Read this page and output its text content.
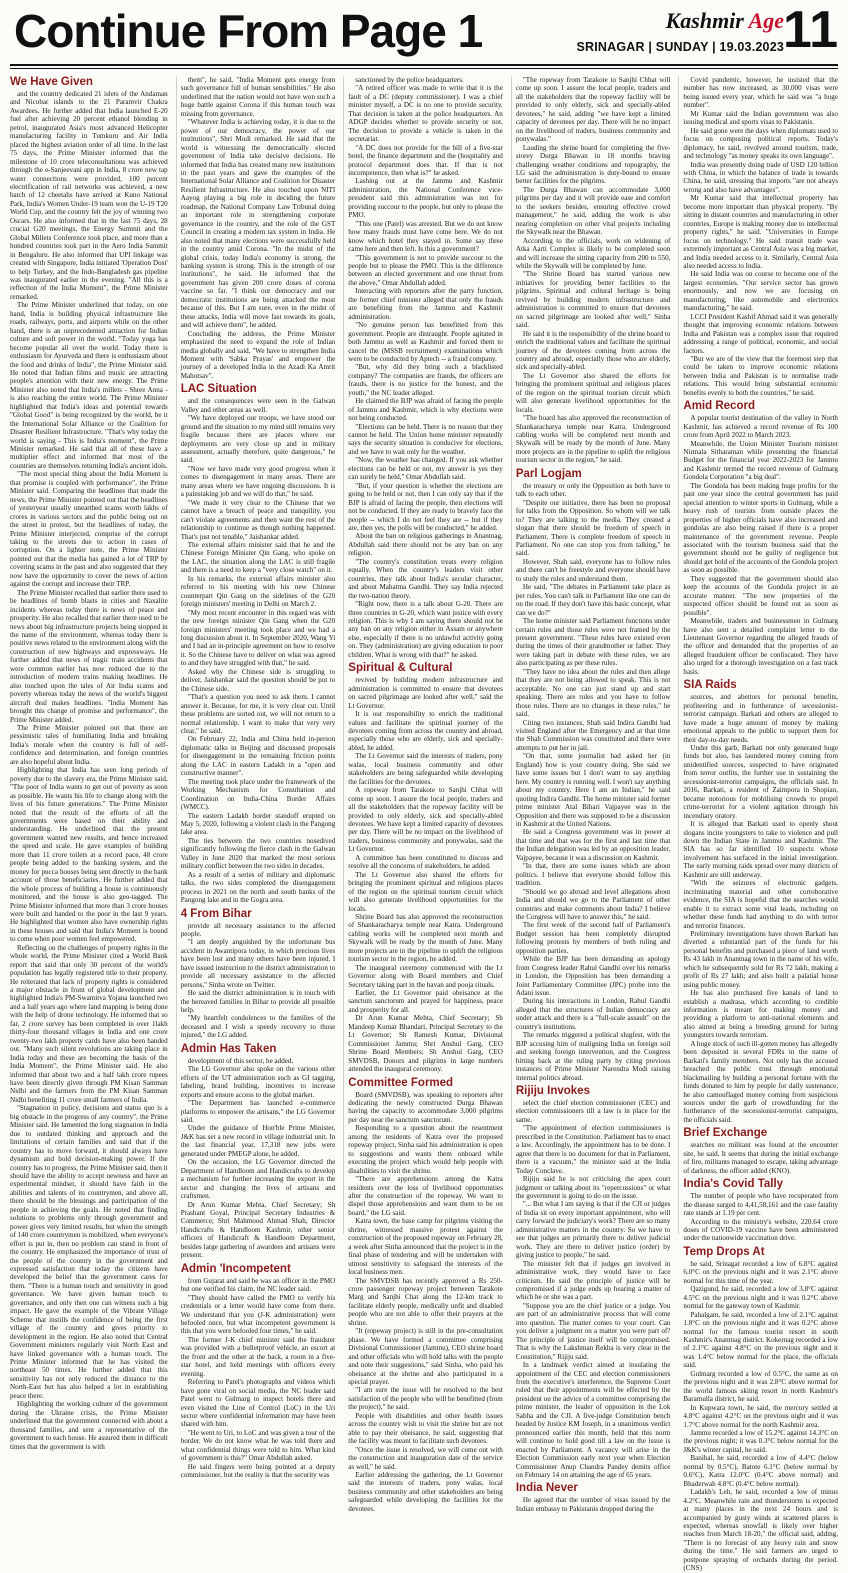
Continue From Page 1	Kashmir Age
SRINAGAR | SUNDAY | 19.03.2023 11
We Have Given

and the country dedicated 21 islets of the Andaman and Nicobar islands to the 21 Paramvir Chakra Awardees. He further added that India launched E-20 fuel after achieving 20 percent ethanol blending in petrol, inaugurated Asia's most advanced Helicopter manufacturing facility in Tumkuru and Air India placed the highest aviation order of all time. In the last 75 days, the Prime Minister informed that the milestone of 10 crore teleconsultations was achieved through the e-Sanjeevani app in India, 8 crore new tap water connections were provided, 100 percent electrification of rail networks was achieved, a new batch of 12 cheetahs have arrived at Kuno National Park, India's Women Under-19 team won the U-19 T20 World Cup, and the country felt the joy of winning two Oscars. He also informed that in the last 75 days, 28 crucial G20 meetings, the Energy Summit and the Global Millets Conference took place, and more than a hundred countries took part in the Aero India Summit in Bengaluru. He also informed that UPI linkage was created with Singapore, India initiated 'Operation Dost' to help Turkey, and the Indo-Bangladesh gas pipeline was inaugurated earlier in the evening. "All this is a reflection of the India Moment", the Prime Minister remarked.

The Prime Minister underlined that today, on one hand, India is building physical infrastructure like roads, railways, ports, and airports while on the other hand, there is an unprecedented attraction for Indian culture and soft power in the world. "Today yoga has become popular all over the world. Today there is enthusiasm for Ayurveda and there is enthusiasm about the food and drinks of India", the Prime Minister said. He noted that Indian films and music are attracting people's attention with their new energy. The Prime Minister also noted that India's millets - Shree Anna - is also reaching the entire world. The Prime Minister highlighted that India's ideas and potential towards "Global Good" is being recognized by the world, be it the International Solar Alliance or the Coalition for Disaster Resilient Infrastructure. "That's why today the world is saying - This is India's moment", the Prime Minister remarked. He said that all of these have a multiplier effect and informed that most of the countries are themselves returning India's ancient idols.

"The most special thing about the India Moment is that promise is coupled with performance", the Prime Minister said. Comparing the headlines that made the news, the Prime Minister pointed out that the headlines of yesteryear usually unearthed scams worth lakhs of crores in various sectors and the public being out on the street in protest, but the headlines of today, the Prime Minister interjected, comprise of the corrupt taking to the streets due to action in cases of corruption. On a lighter note, the Prime Minister pointed out that the media has gained a lot of TRP by covering scams in the past and also suggested that they now have the opportunity to cover the news of action against the corrupt and increase their TRP.

The Prime Minister recalled that earlier there used to be headlines of bomb blasts in cities and Naxalite incidents whereas today there is news of peace and prosperity. He also recalled that earlier there used to be news about big infrastructure projects being stopped in the name of the environment, whereas today there is positive news related to the environment along with the construction of new highways and expressways. He further added that news of tragic train accidents that were common earlier has now reduced due to the introduction of modern trains making headlines. He also touched upon the tales of Air India scams and poverty whereas today the news of the world's biggest aircraft deal makes headlines. "India Moment has brought this change of promise and performance", the Prime Minister added.

The Prime Minister pointed out that there are pessimistic tales of humiliating India and breaking India's morale when the country is full of self-confidence and determination, and foreign countries are also hopeful about India.

Highlighting that India has seen long periods of poverty due to the slavery era, the Prime Minister said, "The poor of India wants to get out of poverty as soon as possible. He wants his life to change along with the lives of his future generations." The Prime Minister noted that the result of the efforts of all the governments were based on their ability and understanding. He underlined that the present government wanted new results, and hence increased the speed and scale. He gave examples of building more than 11 crore toilets at a record pace, 48 crore people being added to the banking system, and the money for pucca houses being sent directly to the bank account of those beneficiaries. He further added that the whole process of building a house is continuously monitored, and the house is also geo-tagged. The Prime Minister informed that more than 3 crore houses were built and handed to the poor in the last 9 years. He highlighted that women also have ownership rights in these houses and said that India's Moment is bound to come when poor women feel empowered.

Reflecting on the challenges of property rights in the whole world, the Prime Minister cited a World Bank report that said that only 30 percent of the world's population has legally registered title to their property. He reiterated that lack of property rights is considered a major obstacle in front of global development and highlighted India's PM-Swamitva Yojana launched two and a half years ago where land mapping is being done with the help of drone technology. He informed that so far, 2 crore survey has been completed in over 1lakh thirty-four thousand villages in India and one crore twenty-two lakh property cards have also been handed out. "Many such silent revolutions are taking place in India today and these are becoming the basis of the India Moment", the Prime Minister said. He also informed that about two and a half lakh crore rupees have been directly given through PM Kisan Samman Nidhi and the farmers from the PM Kisan Samman Nidhi benefiting 11 crore small farmers of India.

"Stagnation in policy, decisions and status quo is a big obstacle in the progress of any country", the Prime Minister said. He lamented the long stagnation in India due to outdated thinking and approach and the limitations of certain families and said that if the country has to move forward, it should always have dynamism and bold decision-making power. If the country has to progress, the Prime Minister said, then it should have the ability to accept newness and have an experimental mindset, it should have faith in the abilities and talents of its countrymen, and above all, there should be the blessings and participation of the people in achieving the goals. He noted that finding solutions to problems only through government and power gives very limited results, but when the strength of 140 crore countrymen is mobilized, when everyone's effort is put in, then no problem can stand in front of the country. He emphasized the importance of trust of the people of the country in the government and expressed satisfaction that today the citizens have developed the belief that the government cares for them. "There is a human touch and sensitivity in good governance. We have given human touch to governance, and only then one can witness such a big impact. He gave the example of the Vibrant Village Scheme that instills the confidence of being the first village of the country and gives priority to development in the region. He also noted that Central Government ministers regularly visit North East and have linked governance with a human touch. The Prime Minister informed that he has visited the northeast 50 times. He further added that this sensitivity has not only reduced the distance to the North-East but has also helped a lot in establishing peace there.

Highlighting the working culture of the government during the Ukraine crisis, the Prime Minister underlined that the government connected with about a thousand families, and sent a representative of the government to each house. He assured them in difficult times that the government is with

them", he said, "India Moment gets energy from such governance full of human sensibilities." He also underlined that the nation would not have won such a huge battle against Corona if this human touch was missing from governance.

"Whatever India is achieving today, it is due to the power of our democracy, the power of our institutions", Shri Modi remarked. He said that the world is witnessing the democratically elected government of India take decisive decisions. He informed that India has created many new institutions in the past years and gave the examples of the International Solar Alliance and Coalition for Disaster Resilient Infrastructure. He also touched upon NITI Aayog playing a big role in deciding the future roadmap, the National Company Law Tribunal doing an important role in strengthening corporate governance in the country, and the role of the GST Council in creating a modern tax system in India. He also noted that many elections were successfully held in the country amid Corona. "In the midst of the global crisis, today India's economy is strong, the banking system is strong. This is the strength of our institutions", he said. He informed that the government has given 200 crore doses of corona vaccine so far. "I think our democracy and our democratic institutions are being attacked the most because of this. But I am sure, even in the midst of these attacks, India will move fast towards its goals, and will achieve them", he added.

Concluding the address, the Prime Minister emphasized the need to expand the role of Indian media globally and said, "We have to strengthen India Moment with 'Sabka Prayas' and empower the journey of a developed India in the Azadi Ka Amrit Mahotsav".

LAC Situation

and the consequences were seen in the Galwan Valley and other areas as well.

"We have deployed our troops, we have stood our ground and the situation to my mind still remains very fragile because there are places where our deployments are very close up and in military assessment, actually therefore, quite dangerous," he said.

"Now we have made very good progress when it comes to disengagement in many areas. There are many areas where we have ongoing discussions. It is a painstaking job and we will do that," he said.

"We made it very clear to the Chinese that we cannot have a breach of peace and tranquility, you can't violate agreements and then want the rest of the relationship to continue as though nothing happened. That's just not tenable," Jaishankar added.

The external affairs minister said that he and the Chinese Foreign Minister Qin Gang, who spoke on the LAC, the situation along the LAC is still fragile and there is a need to keep a "very close watch" on it.

In his remarks, the external affairs minister also referred to his meeting with his new Chinese counterpart Qin Gang on the sidelines of the G20 foreign ministers' meeting in Delhi on March 2.

"My most recent encounter in this regard was with the new foreign minister Qin Gang when the G20 foreign ministers' meeting took place and we had a long discussion about it. In September 2020, Wang Yi and I had an in-principle agreement on how to resolve it. So the Chinese have to deliver on what was agreed to and they have struggled with that," he said.

Asked why the Chinese side is struggling to deliver, Jaishankar said the question should be put to the Chinese side.

"That's a question you need to ask them. I cannot answer it. Because, for me, it is very clear cut. Until these problems are sorted out, we will not return to a normal relationship. I want to make that very very clear," he said.

On February 22, India and China held in-person diplomatic talks in Beijing and discussed proposals for disengagement in the remaining friction points along the LAC in eastern Ladakh in a "open and constructive manner".

The meeting took place under the framework of the Working Mechanism for Consultation and Coordination on India-China Border Affairs (WMCC).

The eastern Ladakh border standoff erupted on May 5, 2020, following a violent clash in the Pangong lake area.

The ties between the two countries nosedived significantly following the fierce clash in the Galwan Valley in June 2020 that marked the most serious military conflict between the two sides in decades.

As a result of a series of military and diplomatic talks, the two sides completed the disengagement process in 2021 on the north and south banks of the Pangong lake and in the Gogra area.

4 From Bihar

provide all necessary assistance to the affected people.

"I am deeply anguished by the unfortunate bus accident in Awantipora today, in which precious lives have been lost and many others have been injured. I have issued instruction to the district administration to provide all necessary assistance to the affected persons," Sinha wrote on Twitter.

He said the district administration is in touch with the bereaved families in Bihar to provide all possible help.

"My heartfelt condolences to the families of the deceased and I wish a speedy recovery to those injured," the LG added.

Admin Has Taken

development of this sector, he added.

The LG Governor also spoke on the various other efforts of the UT administration such as GI tagging, labeling, brand building, incentives to increase exports and ensure access to the global market.

"The Department has launched e-commerce platforms to empower the artisans," the LG Governor said.

Under the guidance of Hon'ble Prime Minister, J&K has set a new record in village industrial unit. In the last financial year, 17,318 new jobs were generated under PMEGP alone, he added.

On the occasion, the LG Governor directed the Department of Handloom and Handicrafts to develop a mechanism for further increasing the export in the sector and changing the lives of artisans and craftsmen.

Dr Arun Kumar Mehta, Chief Secretary; Sh Prashant Goyal, Principal Secretary Industries & Commerce; Shri Mahmood Ahmad Shah, Director Handicrafts & Handloom Kashmir, other senior officers of Handicraft & Handloom Department, besides large gathering of awardees and artisans were present.

Admin 'Incompetent

from Gujarat and said he was an officer in the PMO but one verified his claim, the NC leader said.

"They should have called the PMO to verify his credentials or a letter would have come from there. We understand that you (J-K administration) were befooled once, but what incompetent government is this that you were befooled four times," he said.

The former J-K chief minister said the fraudster was provided with a bulletproof vehicle, an escort at the front and the other at the back, a room in a five-star hotel, and held meetings with officers every evening.

Referring to Patel's photographs and videos which have gone viral on social media, the NC leader said Patel went to Gulmarg to inspect hotels there and even visited the Line of Control (LoC) in the Uri sector where confidential information may have been shared with him.

"He went to Uri, to LoC and was given a tour of the border. We do not know what he was told there and what confidential things were told to him. What kind of government is this?" Omar Abdullah asked.

He said fingers were being pointed at a deputy commissioner, but the reality is that the security was

sanctioned by the police headquarters.

"A retired officer was made to write that it is the fault of a DC (deputy commissioner). I was a chief minister myself, a DC is no one to provide security. That decision is taken at the police headquarters. An ADGP decides whether to provide security or not. The decision to provide a vehicle is taken in the secretariat.

"A DC does not provide for the bill of a five-star hotel, the finance department and the (hospitality and protocol department does that. If that is not incompetence, then what is?" he asked.

Lashing out at the Jammu and Kashmir administration, the National Conference vice-president said this administration was not for providing succour to the people, but only to please the PMO.

"This one (Patel) was arrested. But we do not know how many frauds must have come here. We do not know which hotel they stayed in. Some say three came here and then left. Is this a government?

"This government is not to provide succour to the people but to please the PMO. This is the difference between an elected government and one thrust from the above," Omar Abdullah added.

Interacting with reporters after the party function, the former chief minister alleged that only the frauds are benefiting from the Jammu and Kashmir administration.

"No genuine person has benefitted from this government. People are distraught. People agitated in both Jammu as well as Kashmir and forced them to cancel the (MSSB recruitment) examinations which were to be conducted by Aptech -- a fraud company.

"But, why did they bring such a blacklisted company? The companies are frauds, the officers are frauds, there is no justice for the honest, and the youth," the NC leader alleged.

He claimed the BJP was afraid of facing the people of Jammu and Kashmir, which is why elections were not being conducted.

"Elections can be held. There is no reason that they cannot be held. The Union home minister repeatedly says the security situation is conducive for elections, and we have to wait only for the weather.

"Now, the weather has changed. If you ask whether elections can be held or not, my answer is yes they can surely be held," Omar Abdullah said.

"But, if your question is whether the elections are going to be held or not, then I can only say that if the BJP is afraid of facing the people, then elections will not be conducted. If they are ready to bravely face the people -- which I do not feel they are -- but if they are, then yes, the polls will be conducted," he added.

About the ban on religious gatherings in Anantnag, Abdullah said there should not be any ban on any religion.

"The country's constitution treats every religion equally. When the country's leaders visit other countries, they talk about India's secular character, and about Mahatma Gandhi. They say India rejected the two-nation theory.

"Right now, there is a talk about G-20. There are three countries in G-20, which want justice with every religion. This is why I am saying there should not be any ban on any religion either in Assam or anywhere else, especially if there is no unlawful activity going on. They (administration) are giving education to poor children. What is wrong with that?" he asked.

Spiritual & Cultural

revived by building modern infrastructure and administration is committed to ensure that devotees on sacred pilgrimage are looked after well," said the Lt Governor.

It is our responsibility to enrich the traditional values and facilitate the spiritual journey of the devotees coming from across the country and abroad, especially those who are elderly, sick and specially-abled, he added.

The Lt Governor said the interests of traders, pony walas, local business community and other stakeholders are being safeguarded while developing the facilities for the devotees.

A ropeway from Tarakote to Sanjhi Chhat will come up soon. I assure the local people, traders and all the stakeholders that the ropeway facility will be provided to only elderly, sick and specially-abled devotees. We have kept a limited capacity of devotees per day. There will be no impact on the livelihood of traders, business community and ponywalas, said the Lt Governor.

A committee has been constituted to discuss and resolve all the concerns of stakeholders, he added.

The Lt Governor also shared the efforts for bringing the prominent spiritual and religious places of the region on the spiritual tourism circuit which will also generate livelihood opportunities for the locals.

Shrine Board has also approved the reconstruction of Shankaracharya temple near Katra. Underground cabling works will be completed next month and Skywalk will be ready by the month of June. Many more projects are in the pipeline to uplift the religious tourism sector in the region, he added.

The inaugural ceremony commenced with the Lt Governor along with Board members and Chief Secretary taking part in the havan and pooja rituals.

Earlier, the Lt Governor paid obeisance at the sanctum sanctorum and prayed for happiness, peace and prosperity for all.

Dr Arun Kumar Mehta, Chief Secretary; Sh Mandeep Kumar Bhandari, Principal Secretary to the Lt Governor; Sh Ramesh Kumar, Divisional Commissioner Jammu; Shri Anshul Garg, CEO Shrine Board Members; Sh Anshul Garg, CEO SMVDSB, Donors and pilgrims in large numbers attended the inaugural ceremony.

Committee Formed

Board (SMVDSB), was speaking to reporters after dedicating the newly constructed Durga Bhawan having the capacity to accommodate 3,000 pilgrims per day near the sanctum sanctorum.

Responding to a question about the resentment among the residents of Katra over the proposed ropeway project, Sinha said his administration is open to suggestions and wants them onboard while executing the project which would help people with disabilities to visit the shrine.

"There are apprehensions among the Katra residents over the loss of livelihood opportunities after the construction of the ropeway. We want to dispel those apprehensions and want them to be on board," the LG said.

Katra town, the base camp for pilgrims visiting the shrine, witnessed massive protest against the construction of the proposed ropeway on February 28, a week after Sinha announced that the project is in the final phase of tendering and will be undertaken with utmost sensitivity to safeguard the interests of the local business men.

The SMVDSB has recently approved a Rs 250-crore passenger ropeway project between Tarakote Marg and Sanjhi Chat along the 12-km track to facilitate elderly people, medically unfit and disabled people who are not able to offer their prayers at the shrine.

"It (ropeway project) is still in the pre-consultation phase. We have formed a committee comprising Divisional Commissioner (Jammu), CEO shrine board and other officials who will hold talks with the people and note their suggestions," said Sinha, who paid his obeisance at the shrine and also participated in a special prayer.

"I am sure the issue will be resolved to the best satisfaction of the people who will be benefitted (from the project)," he said.

People with disabilities and other health issues across the country wish to visit the shrine but are not able to pay their obeisance, he said, suggesting that the facility was meant to facilitate such devotees.

"Once the issue is resolved, we will come out with the construction and inauguration date of the service as well," he said.

Earlier addressing the gathering, the Lt Governor said the interests of traders, pony walas, local business community and other stakeholders are being safeguarded while developing the facilities for the devotees.

"The ropeway from Tarakote to Sanjhi Chhat will come up soon. I assure the local people, traders and all the stakeholders that the ropeway facility will be provided to only elderly, sick and specially-abled devotees," he said, adding "we have kept a limited capacity of devotees per day. There will be no impact on the livelihood of traders, business community and ponywalas."

Lauding the shrine board for completing the five-storey Durga Bhawan in 18 months braving challenging weather conditions and topography, the LG said the administration is duty-bound to ensure better facilities for the pilgrims.

The Durga Bhawan can accommodate 3,000 pilgrims per day and it will provide ease and comfort to the seekers besides, ensuring effective crowd management," he said, adding the work is also nearing completion on other vital projects including the Skywalk near the Bhawan.

According to the officials, work on widening of Atka Aarti Complex is likely to be completed soon and will increase the sitting capacity from 200 to 550, while the Skywalk will be completed by June.

"The Shrine Board has started various new initiatives for providing better facilities to the pilgrims. Spiritual and cultural heritage is being revived by building modern infrastructure and administration is committed to ensure that devotees on sacred pilgrimage are looked after well," Sinha said.

He said it is the responsibility of the shrine board to enrich the traditional values and facilitate the spiritual journey of the devotees coming from across the country and abroad, especially those who are elderly, sick and specially-abled.

The Lt Governor also shared the efforts for bringing the prominent spiritual and religious places of the region on the spiritual tourism circuit which will also generate livelihood opportunities for the locals.

"The board has also approved the reconstruction of Shankaracharya temple near Katra. Underground cabling works will be completed next month and Skywalk will be ready by the month of June. Many more projects are in the pipeline to uplift the religious tourism sector in the region," he said.

Parl Logjam

the treasury or only the Opposition as both have to talk to each other.

"Despite our initiative, there has been no proposal for talks from the Opposition. So whom will we talk to? They are talking to the media. They created a slogan that there should be freedom of speech in Parliament. There is complete freedom of speech in Parliament. No one can stop you from talking," he said.

However, Shah said, everyone has to follow rules and there can't be freestyle and everyone should have to study the rules and understand them.

He said, "The debates in Parliament take place as per rules. You can't talk in Parliament like one can do on the road. If they don't have this basic concept, what can we do?"

The home minister said Parliament functions under certain rules and those rules were not framed by the present government. "These rules have existed even during the times of their grandmother or father. They were taking part in debate with these rules, we are also participating as per these rules.

"They have no idea about the rules and then allege that they are not being allowed to speak. This is not acceptable. No one can just stand up and start speaking. There are rules and you have to follow those rules. There are no changes in these rules," he said.

Citing two instances, Shah said Indira Gandhi had visited England after the Emergency and at that time the Shah Commission was constituted and there were attempts to put her in jail.

"On that, some journalist had asked her (in England) how is your country doing. She said we have some issues but I don't want to say anything here. My country is running well. I won't say anything about my country. Here I am an Indian," he said quoting Indira Gandhi. The home minister said former prime minister Atal Bihari Vajpayee was in the Opposition and there was supposed to be a discussion in Kashmir at the United Nations.

He said a Congress government was in power at that time and that was for the first and last time that the Indian delegation was led by an opposition leader, Vajpayee, because it was a discussion on Kashmir.

"In that, there are some issues which are about politics. I believe that everyone should follow this tradition.

"Should we go abroad and level allegations about India and should we go to the Parliament of other countries and make comments about India? I believe the Congress will have to answer this," he said.

The first week of the second half of Parliament's Budget session has been completely disrupted following protests by members of both ruling and opposition parties.

While the BJP has been demanding an apology from Congress leader Rahul Gandhi over his remarks in London, the Opposition has been demanding a Joint Parliamentary Committee (JPC) probe into the Adani issue.

During his interactions in London, Rahul Gandhi alleged that the structures of Indian democracy are under attack and there is a "full-scale assault" on the country's institutions.

The remarks triggered a political slugfest, with the BJP accusing him of maligning India on foreign soil and seeking foreign intervention, and the Congress hitting back at the ruling party by citing previous instances of Prime Minister Narendra Modi raising internal politics abroad.

Rijiju Invokes

select the chief election commissioner (CEC) and election commissioners till a law is in place for the same.

"The appointment of election commissioners is prescribed in the Constitution. Parliament has to enact a law. Accordingly, the appointment has to be done. I agree that there is no document for that in Parliament, there is a vacuum," the minister said at the India Today Conclave.

Rijiju said he is not criticising the apex court judgment or talking about its "repercussions" or what the government is going to do on the issue.

"... But what I am saying is that if the CJI or judges of India sit on every important appointment, who will carry forward the judiciary's work? There are so many administrative matters in the country. So we have to see that judges are primarily there to deliver judicial work. They are there to deliver justice (order) by giving justice to people," he said.

The minister felt that if judges get involved in administrative work, they would have to face criticism. He said the principle of justice will be compromised if a judge ends up hearing a matter of which he or she was a part.

"Suppose you are the chief justice or a judge. You are part of an administrative process that will come into question. The matter comes to your court. Can you deliver a judgment on a matter you were part of? The principle of justice itself will be compromised. That is why the Lakshman Rekha is very clear in the Constitution," Rijiju said.

In a landmark verdict aimed at insulating the appointment of the CEC and election commissioners from the executive's interference, the Supreme Court ruled that their appointments will be effected by the president on the advice of a committee comprising the prime minister, the leader of opposition in the Lok Sabha and the CJI. A five-judge Constitution bench headed by Justice KM Joseph, in a unanimous verdict pronounced earlier this month, held that this norm will continue to hold good till a law on the issue is enacted by Parliament. A vacancy will arise in the Election Commission early next year when Election Commissioner Anup Chandra Pandey demits office on February 14 on attaining the age of 65 years.

India Never

He agreed that the number of visas issued by the Indian embassy to Pakistanis dropped during the

Covid pandemic, however, he insisted that the number has now increased, as 30,000 visas were being issued every year, which he said was "a huge number".

Mr Kumar said the Indian government was also issuing medical and sports visas to Pakistanis.

He said gone were the days when diplomats used to focus on composing political reports. Today's diplomacy, he said, revolved around tourism, trade, and technology "as money speaks its own language".

India was presently doing trade of USD 120 billion with China, in which the balance of trade is towards China, he said, stressing that imports "are not always wrong and also have advantages".

Mr Kumar said that intellectual property has become more important than physical property. "By sitting in distant countries and manufacturing in other countries, Europe is making money due to intellectual property rights," he said. "Universities in Europe focus on technology." He said transit trade was extremely important as Central Asia was a big market, and India needed access to it. Similarly, Central Asia also needed access to India.

He said India was on course to become one of the largest economies. "Our service sector has grown enormously, and now we are focusing on manufacturing, like automobile and electronics manufacturing," he said.

LCCI President Kashif Ahmad said it was generally thought that improving economic relations between India and Pakistan was a complex issue that required addressing a range of political, economic, and social factors.

"But we are of the view that the foremost step that could be taken to improve economic relations between India and Pakistan is to normalise trade relations. This would bring substantial economic benefits evenly to both the countries," he said.

Amid Record

A popular tourist destination of the valley in North Kashmir, has achieved a record revenue of Rs 100 crore from April 2022 to March 2023.

Meanwhile, the Union Minister Tourism minister Nirmala Sitharaman while presenting the financial Budget for the financial year 2022-2023 for Jammu and Kashmir termed the record revenue of Gulmarg Gondola Corporation "a big deal".

The Gondola has been making huge profits for the past one year since the central government has paid special attention to winter sports in Gulmarg, while a heavy rush of tourists from outside places the properties of higher officials have also increased and gondolas are also being raised if there is a proper maintenance of the government revenue. People associated with the tourism business said that the government should not be guilty of negligence but should get hold of the accounts of the Gondola project as soon as possible.

They suggested that the government should also keep the accounts of the Gondola project in an accurate manner. "The new properties of the suspected officer should be found out as soon as possible".

Meanwhile, traders and businessmen in Gulmarg have also sent a detailed complaint letter to the Lieutenant Governor regarding the alleged frauds of the officer and demanded that the properties of an alleged fraudulent officer be confiscated. They have also urged for a thorough investigation on a fast track basis.

SIA Raids

sources, and abettors for personal benefits, profiteering and in furtherance of secessionist-terrorist campaign. Barkati and others are alleged to have made a huge amount of money by making emotional appeals to the public to support them for their day-to-day needs.

Under this garb, Barkati not only generated huge funds but also, has laundered money coming from unidentified sources, suspected to have originated from terror outfits, the further use in sustaining the secessionist-terrorist campaigns, the officials said. In 2016, Barkati, a resident of Zaimpora in Shopian, became notorious for mobilising crowds to propel crime-terrorist for a violent agitation through his incendiary oratory.

It is alleged that Barkati used to openly shout slogans incite youngsters to take to violence and pull down the Indian State in Jammu and Kashmir. The SIA has so far identified 10 suspects whose involvement has surfaced in the initial investigation. The early morning raids spread over many districts of Kashmir are still underway.

"With the seizures of electronic gadgets, incriminating material and other corroborative evidence, the SIA is hopeful that the searches would enable it to extract some vital leads, including on whether these funds had anything to do with terror and terrorist finances.

Preliminary investigations have shown Barkati has diverted a substantial part of the funds for his personal benefits and purchased a piece of land worth Rs 43 lakh in Anantnag town in the name of his wife, which he subsequently sold for Rs 72 lakh, making a profit of Rs 27 lakh; and also built a palatial house using public money.

He has also purchased five kanals of land to establish a madrasa, which according to credible information is meant for making money and providing a platform to anti-national elements and also aimed at being a breeding ground for luring youngsters towards terrorism.

A huge stock of such ill-gotten money has allegedly been deposited in several FDRs in the name of Barkati's family members. Not only has the accused breached the public trust through emotional blackmailing by building a personal fortune with the funds donated to him by people for daily sustenance, he also camouflaged money coming from suspicious sources under the garb of crowdfunding for the furtherance of the secessionist-terrorist campaigns, the officials said.

Brief Exchange

searches no militant was found at the encounter site, he said. It seems that during the initial exchange of fire, militants managed to escape, taking advantage of darkness, the officer added (KNO).

India's Covid Tally

The number of people who have recuperated from the disease surged to 4,41,58,161 and the case fatality rate stands at 1.19 per cent.

According to the ministry's website, 220.64 crore doses of COVID-19 vaccine have been administered under the nationwide vaccination drive.

Temp Drops At

he said, Srinagar recorded a low of 6.8°C against 6.0°C on the previous night and it was 2.1°C above normal for this time of the year.

Qazigund, he said, recorded a low of 3.8°C against 4.5°C on the previous night and it was 0.2°C above normal for the gateway town of Kashmir.

Pahalgam, he said, recorded a low of 2.1°C against 1.8°C on the previous night and it was 0.2°C above normal for the famous tourist resort in south Kashmir's Anantnag district. Kokernag recorded a low of 2.1°C against 4.8°C on the previous night and it was 1.4°C below normal for the place, the officials said.

Gulmarg recorded a low of 0.5°C, the same as on the previous night and it was 2.8°C above normal for the world famous skiing resort in north Kashmir's Baramulla district, he said.

In Kupwara town, he said, the mercury settled at 4.8°C against 4.2°C on the previous night and it was 1.7°C above normal for the north Kashmir area.

Jammu recorded a low of 15.2°C against 14.3°C on the previous night; it was 0.3°C below normal for the J&K's winter capital, he said.

Banihal, he said, recorded a low of 4.4°C (below normal by 0.5°C), Batote 6.1°C (below normal by 0.6°C), Katra 12.0°C (0.4°C above normal) and Bhaderwah 4.8°C (0.4°C below normal).

Ladakh's Leh, he said, recorded a low of minus 4.2°C. Meanwhile rain and thunderstorm is expected at many places in the next 24 hours and is accompanied by gusty winds at scattered places is expected, whereas snowfall is likely over higher reaches from March 18-20," the official said, adding, "There is no forecast of any heavy rain and snow during the time." He said farmers are urged to postpone spraying of orchards during the period. (CNS)
